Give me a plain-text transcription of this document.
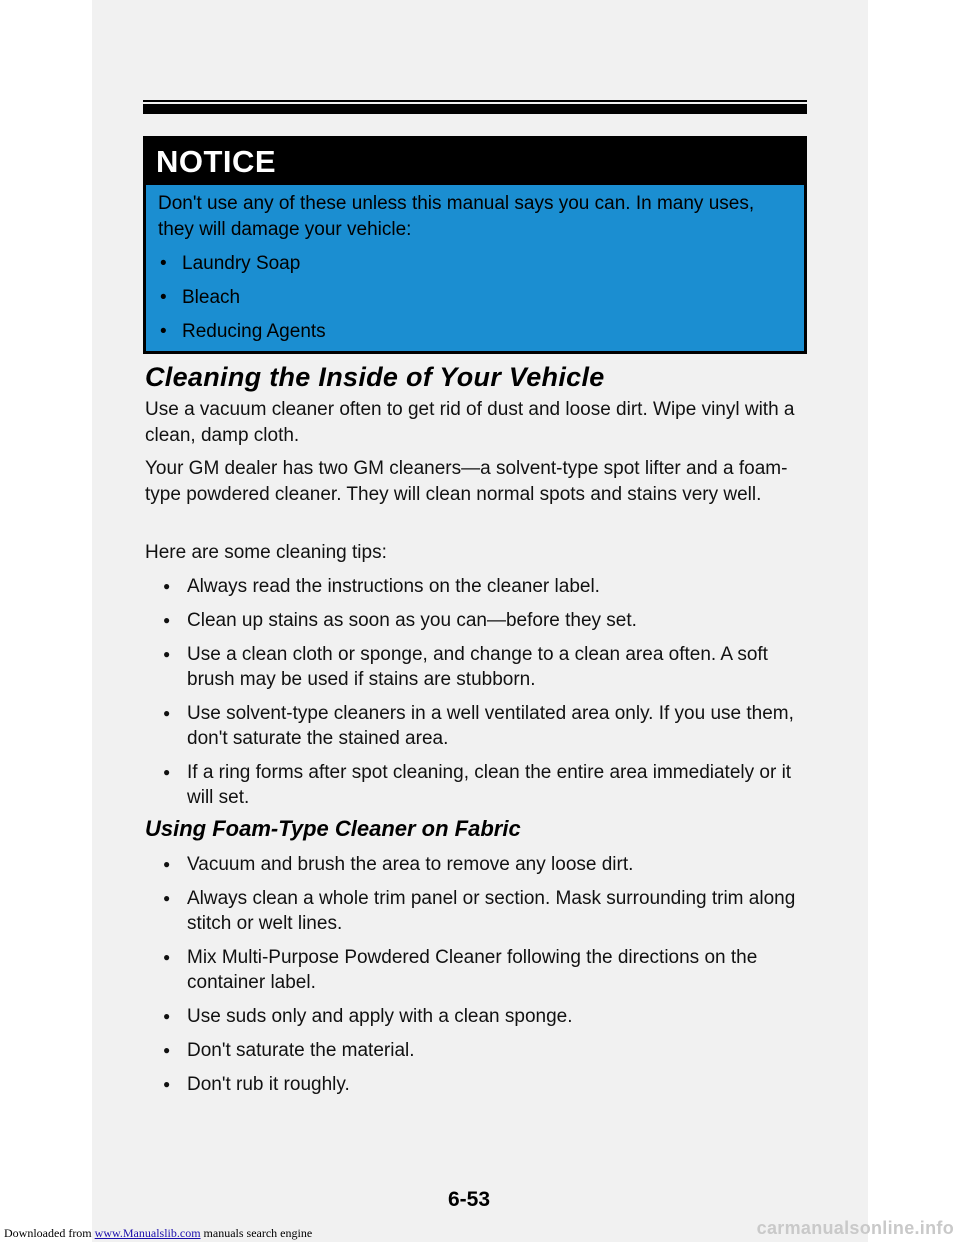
NOTICE
Don't use any of these unless this manual says you can. In many uses, they will damage your vehicle:
• Laundry Soap
• Bleach
• Reducing Agents
Cleaning the Inside of Your Vehicle
Use a vacuum cleaner often to get rid of dust and loose dirt. Wipe vinyl with a clean, damp cloth.
Your GM dealer has two GM cleaners—a solvent-type spot lifter and a foam-type powdered cleaner. They will clean normal spots and stains very well.
Here are some cleaning tips:
● Always read the instructions on the cleaner label.
● Clean up stains as soon as you can—before they set.
● Use a clean cloth or sponge, and change to a clean area often. A soft brush may be used if stains are stubborn.
● Use solvent-type cleaners in a well ventilated area only. If you use them, don't saturate the stained area.
● If a ring forms after spot cleaning, clean the entire area immediately or it will set.
Using Foam-Type Cleaner on Fabric
● Vacuum and brush the area to remove any loose dirt.
● Always clean a whole trim panel or section. Mask surrounding trim along stitch or welt lines.
● Mix Multi-Purpose Powdered Cleaner following the directions on the container label.
● Use suds only and apply with a clean sponge.
● Don't saturate the material.
● Don't rub it roughly.
6-53
Downloaded from www.Manualslib.com manuals search engine	carmanualsonline.info
